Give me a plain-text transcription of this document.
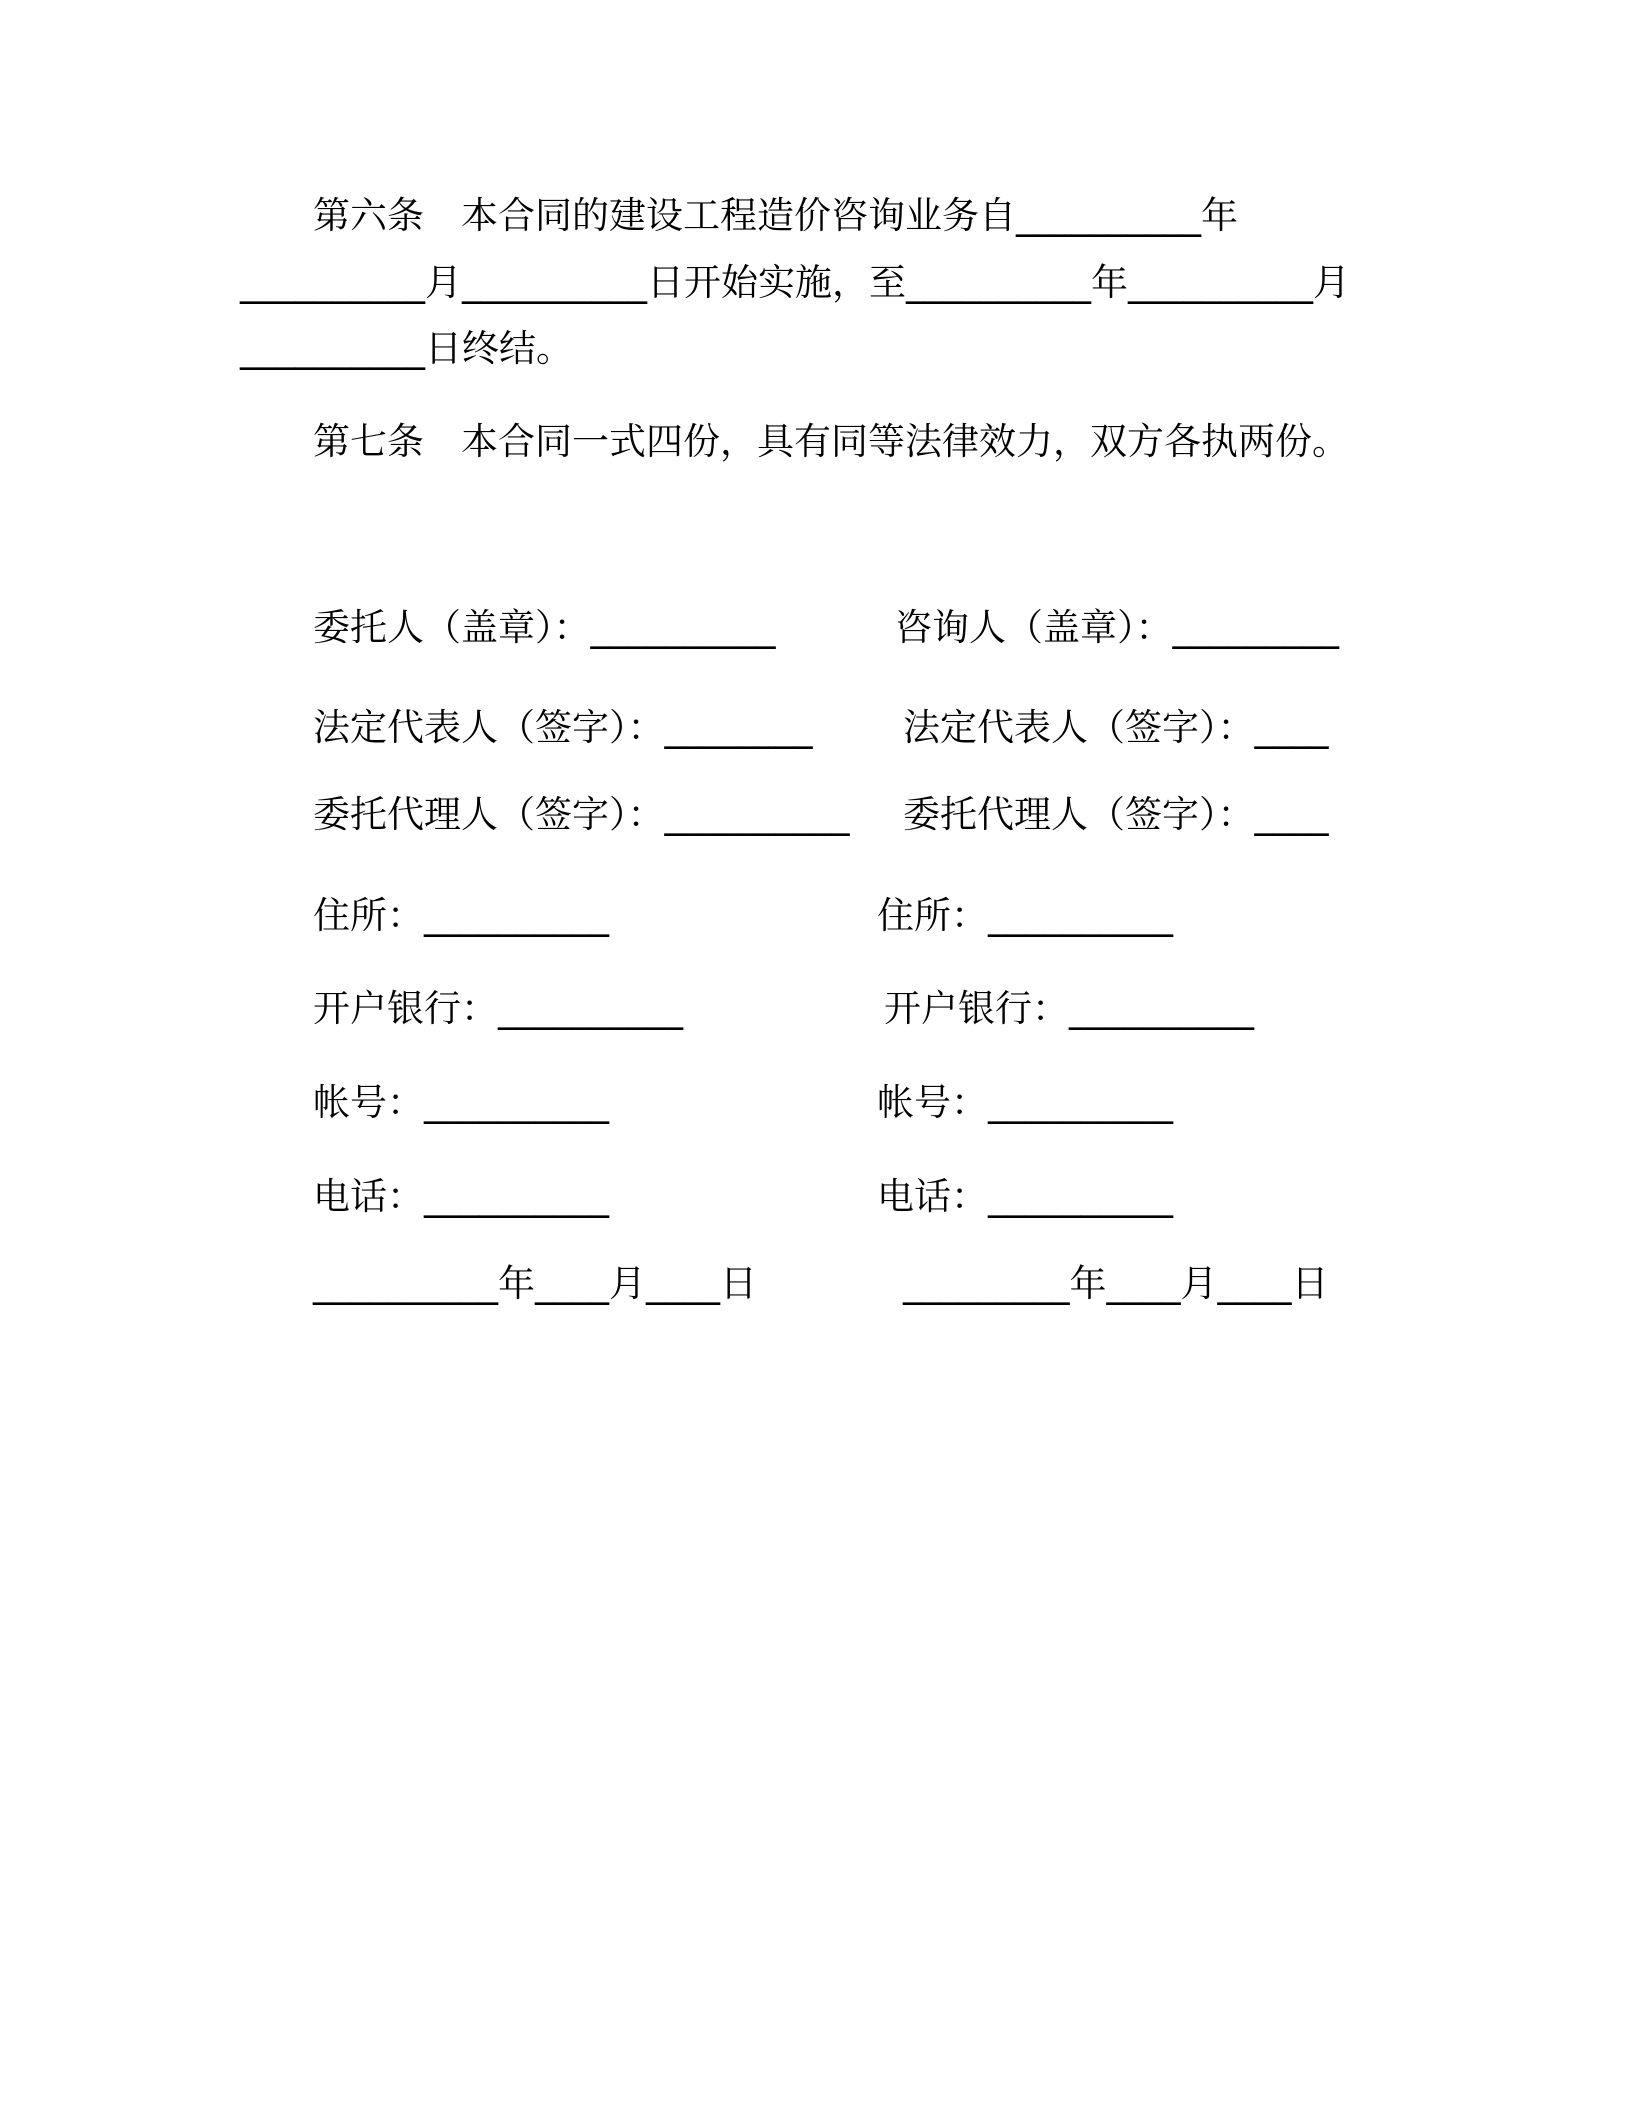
第六条　本合同的建设工程造价咨询业务自__________年
__________月__________日开始实施，至__________年__________月
__________日终结。
第七条　本合同一式四份，具有同等法律效力，双方各执两份。
委托人（盖章）：__________
法定代表人（签字）：________
委托代理人（签字）：__________
住所：__________
开户银行：__________
帐号：__________
电话：__________
__________年____月____日
咨询人（盖章）：_________
法定代表人（签字）：____
委托代理人（签字）：____
住所：__________
开户银行：__________
帐号：__________
电话：__________
_________年____月____日
